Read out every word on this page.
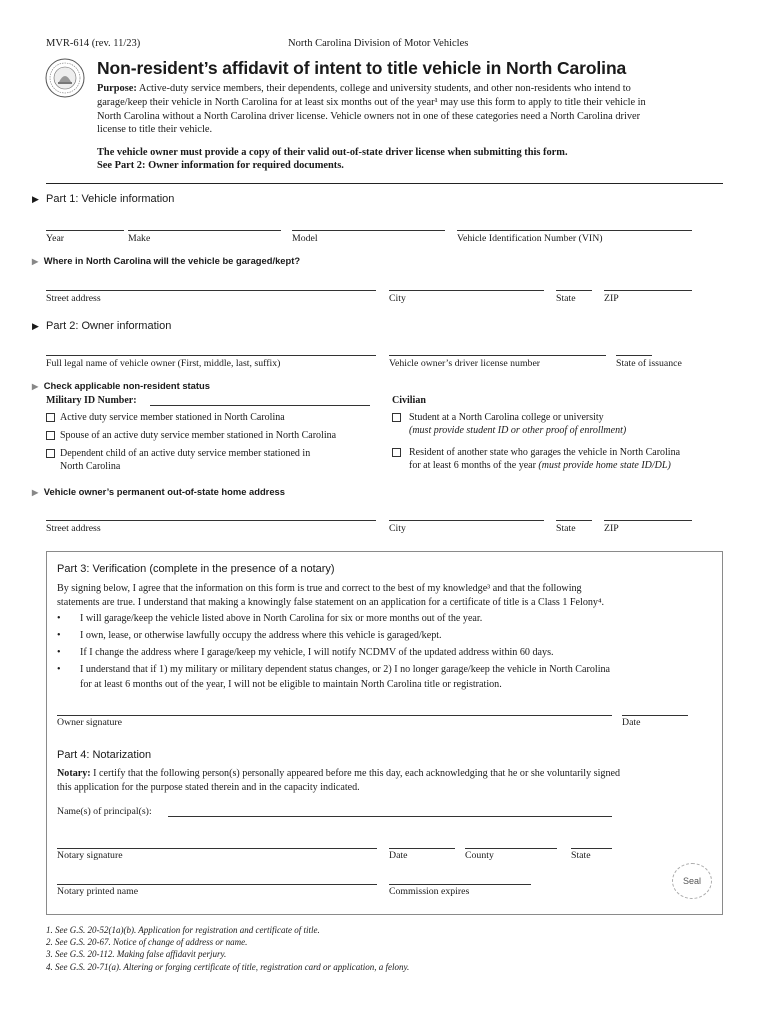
MVR-614 (rev. 11/23)	North Carolina Division of Motor Vehicles
Non-resident’s affidavit of intent to title vehicle in North Carolina
Purpose: Active-duty service members, their dependents, college and university students, and other non-residents who intend to garage/keep their vehicle in North Carolina for at least six months out of the year¹ may use this form to apply to title their vehicle in North Carolina without a North Carolina driver license. Vehicle owners not in one of these categories need a North Carolina driver license to title their vehicle.
The vehicle owner must provide a copy of their valid out-of-state driver license when submitting this form.
See Part 2: Owner information for required documents.
▶ Part 1: Vehicle information
Year	Make	Model	Vehicle Identification Number (VIN)
▶ Where in North Carolina will the vehicle be garaged/kept?
Street address	City	State	ZIP
▶ Part 2: Owner information
Full legal name of vehicle owner (First, middle, last, suffix)	Vehicle owner’s driver license number	State of issuance
▶ Check applicable non-resident status
Military ID Number:	Civilian
Active duty service member stationed in North Carolina
Spouse of an active duty service member stationed in North Carolina
Dependent child of an active duty service member stationed in
North Carolina
Student at a North Carolina college or university
(must provide student ID or other proof of enrollment)
Resident of another state who garages the vehicle in North Carolina
for at least 6 months of the year (must provide home state ID/DL)
▶ Vehicle owner’s permanent out-of-state home address
Street address	City	State	ZIP
Part 3: Verification (complete in the presence of a notary)
By signing below, I agree that the information on this form is true and correct to the best of my knowledge³ and that the following
statements are true. I understand that making a knowingly false statement on an application for a certificate of title is a Class 1 Felony⁴.
• I will garage/keep the vehicle listed above in North Carolina for six or more months out of the year.
• I own, lease, or otherwise lawfully occupy the address where this vehicle is garaged/kept.
• If I change the address where I garage/keep my vehicle, I will notify NCDMV of the updated address within 60 days.
• I understand that if 1) my military or military dependent status changes, or 2) I no longer garage/keep the vehicle in North Carolina
for at least 6 months out of the year, I will not be eligible to maintain North Carolina title or registration.
Owner signature	Date
Part 4: Notarization
Notary: I certify that the following person(s) personally appeared before me this day, each acknowledging that he or she voluntarily signed
this application for the purpose stated therein and in the capacity indicated.
Name(s) of principal(s):
Notary signature	Date	County	State
Notary printed name	Commission expires
Seal
1. See G.S. 20-52(1a)(b). Application for registration and certificate of title.
2. See G.S. 20-67. Notice of change of address or name.
3. See G.S. 20-112. Making false affidavit perjury.
4. See G.S. 20-71(a). Altering or forging certificate of title, registration card or application, a felony.
